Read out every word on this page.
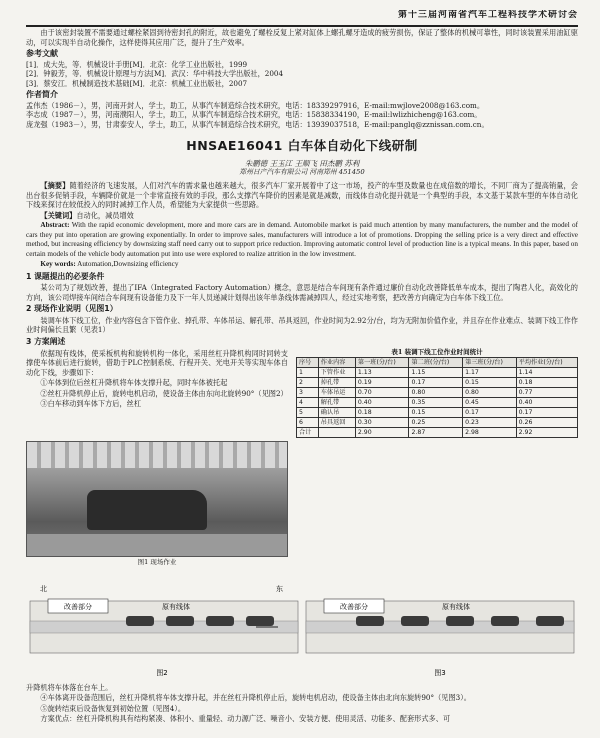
第十三届河南省汽车工程科技学术研讨会

由于该密封装置不需要通过螺栓紧固到待密封孔的附近，故也避免了螺栓反复上紧对缸体上螺孔螺牙造成的疲劳损伤，保证了整体的机械可靠性，同时该装置采用油缸驱动，可以实现半自动化操作，这样使得其应用广泛，提升了生产效率。

参考文献

[1]．成大先，等．机械设计手册[M]．北京：化学工业出版社，1999

[2]．钟毅芳，等．机械设计原理与方法[M]．武汉：华中科技大学出版社，2004

[3]．蔡安江．机械制造技术基础[M]．北京：机械工业出版社，2007

作者简介

孟伟杰（1986－），男，河南开封人，学士，助工，从事汽车制造综合技术研究，电话：18339297916，E-mail:mwjlove2008@163.com。

李志成（1987－），男，河南濮阳人，学士，助工，从事汽车制造综合技术研究，电话：15838334190，E-mail:lwlizhicheng@163.com。

庞龙强（1983－），男，甘肃泰安人，学士，助工，从事汽车制造综合技术研究，电话：13939037518，E-mail:panglq@zznissan.com.cn。

HNSAE16041 白车体自动化下线研制
朱鹏德 王玉江 王顺飞 田杰鹏 苏利
郑州日产汽车有限公司 河南郑州 451450

【摘要】随着经济的飞速发展，人们对汽车的需求量也越来越大，很多汽车厂家开展着中了这一市场，投产的车型及数量也在成倍数的增长，不同厂商为了提高销量，会出台很多促销手段，车辆降价就是一个非常直接有效的手段，那么支撑汽车降价的因素是就是减数，而线体自动化提升就是一个典型的手段，本文基于某款车型的车体自动化下线来探讨在较低投入的同时减掉工作人员，希望能为大家提供一些思路。

【关键词】自动化，减员增效

Abstract: With the rapid economic development, more and more cars are in demand. Automobile market is paid much attention by many manufacturers, the number and the model of cars they put into operation are growing exponentially. In order to improve sales, manufacturers will introduce a lot of promotions. Dropping the selling price is a very direct and effective method, but increasing efficiency by downsizing staff need carry out to support price reduction. Improving automatic control level of production line is a typical means. In this paper, based on certain models of the vehicle body automation put into use were explored to realize attrition in the low investment.

Key words: Automation,Downsizing efficiency

1 课题提出的必要条件

某公司为了规划改善，提出了IFA（Integrated Factory Automation）概念，意思是结合车间现有条件通过廉价自动化改善降低单车成本，提出了陶君人化，高效化的方向，该公司焊接车间结合车间现有设备能力及下一年人员递减计划得出该年单条线体需减掉四人，经过实地考察，把改善方向确定为白车体下线工位。

2 现场作业说明（见图1）

装调车体下线工位，作业内容包含下管作业、掉孔带、车体吊运、解孔带、吊具返回，作业时间为2.92分/台，均为无附加价值作业，并且存在作业难点、装调下线工作作业时间偏长且繁（见表1）

3 方案阐述

依据现有线体，使采板机构和旋转机构一体化，采用丝杠升降机构同时同转支撑使车体前后进行旋转，借助于PLC控制系统、行程开关、光电开关等实现车体自动化下线，步骤如下：

①车体到位后丝杠升降机将车体支撑升起，同时车体被托起

②丝杠升降机停止后，旋转电机启动，使设备主体由东向北旋转90°（见图2）

③白车移动到车体下方后，丝杠

表1 装调下线工位作业时间统计
序号	作业内容	第一班(分/台)	第二班(分/台)	第三班(分/台)	平均作业(分/台)
1	下管作业	1.13	1.15	1.17	1.14
2	掉孔带	0.19	0.17	0.15	0.18
3	车体吊运	0.70	0.80	0.80	0.77
4	解孔带	0.40	0.35	0.45	0.40
5	确认吊	0.18	0.15	0.17	0.17
6	吊具返回	0.30	0.25	0.23	0.26
合计		2.90	2.87	2.98	2.92
图1 现场作业
改善部分	原有线体
东
北
图2
改善部分	原有线体
图3

升降机将车体落在台车上。

④车体离开设备范围后，丝杠升降机将车体支撑升起，并在丝杠升降机停止后，旋转电机启动，使设备主体由北向东旋转90°（见图3）。

⑤旋转结束后设备恢复到初始位置（见图4）。

方案优点：丝杠升降机构具有结构紧凑、体积小、重量轻、动力源广泛、噪音小、安装方便、使用灵活、功能多、配套形式多、可
